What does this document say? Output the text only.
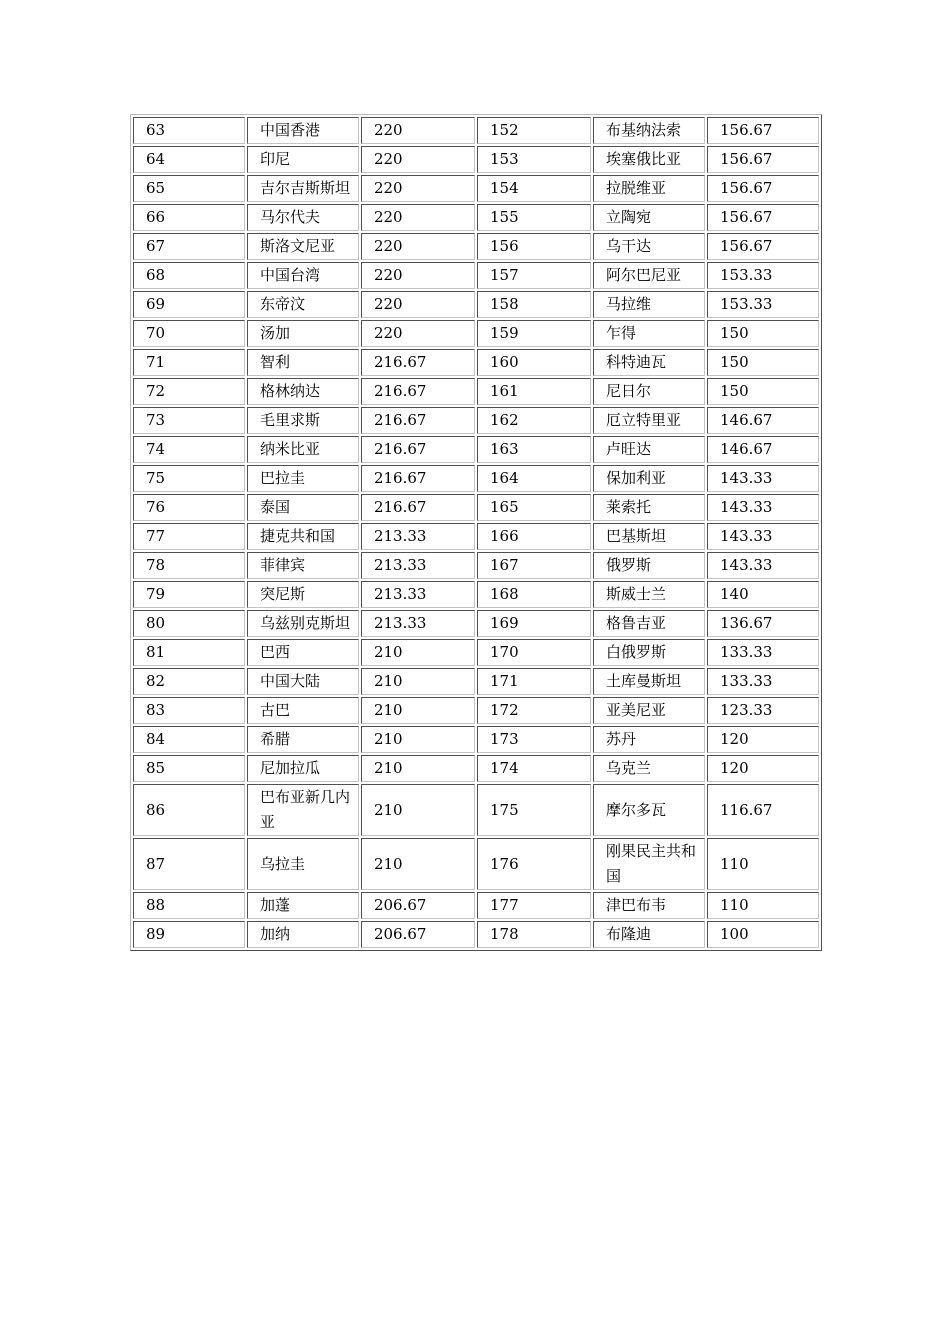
63	中国香港	220	152	布基纳法索	156.67
64	印尼	220	153	埃塞俄比亚	156.67
65	吉尔吉斯斯坦	220	154	拉脱维亚	156.67
66	马尔代夫	220	155	立陶宛	156.67
67	斯洛文尼亚	220	156	乌干达	156.67
68	中国台湾	220	157	阿尔巴尼亚	153.33
69	东帝汶	220	158	马拉维	153.33
70	汤加	220	159	乍得	150
71	智利	216.67	160	科特迪瓦	150
72	格林纳达	216.67	161	尼日尔	150
73	毛里求斯	216.67	162	厄立特里亚	146.67
74	纳米比亚	216.67	163	卢旺达	146.67
75	巴拉圭	216.67	164	保加利亚	143.33
76	泰国	216.67	165	莱索托	143.33
77	捷克共和国	213.33	166	巴基斯坦	143.33
78	菲律宾	213.33	167	俄罗斯	143.33
79	突尼斯	213.33	168	斯威士兰	140
80	乌兹别克斯坦	213.33	169	格鲁吉亚	136.67
81	巴西	210	170	白俄罗斯	133.33
82	中国大陆	210	171	土库曼斯坦	133.33
83	古巴	210	172	亚美尼亚	123.33
84	希腊	210	173	苏丹	120
85	尼加拉瓜	210	174	乌克兰	120
86	巴布亚新几内亚	210	175	摩尔多瓦	116.67
87	乌拉圭	210	176	刚果民主共和国	110
88	加蓬	206.67	177	津巴布韦	110
89	加纳	206.67	178	布隆迪	100
